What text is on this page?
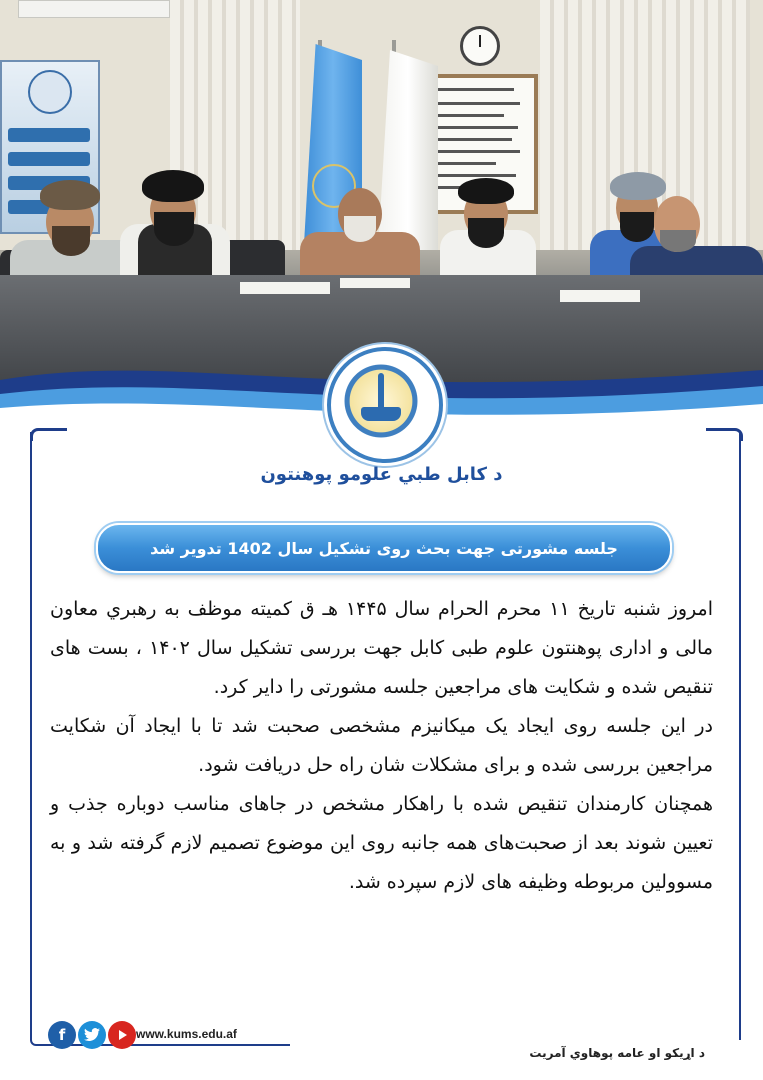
د کابل طبي علومو پوهنتون
جلسه مشورتی جهت بحث روی تشکیل سال 1402 تدویر شد

امروز شنبه تاریخ ۱۱ محرم الحرام سال ۱۴۴۵ هـ ق کمیته موظف به رهبري معاون مالی و اداری پوهنتون علوم طبی کابل جهت بررسی تشکیل سال ۱۴۰۲ ، بست های تنقیص شده و شکایت های مراجعین جلسه مشورتی را دایر کرد.

در این جلسه روی ایجاد یک میکانیزم مشخصی صحبت شد تا با ایجاد آن شکایت مراجعین بررسی شده و برای مشکلات شان راه حل دریافت شود.

همچنان کارمندان تنقیص شده با راهکار مشخص در جاهای مناسب دوباره جذب و تعیین شوند بعد از صحبت‌های همه جانبه روی این موضوع تصمیم لازم گرفته شد و به مسوولین مربوطه وظیفه های لازم سپرده شد.

f	www.kums.edu.af
د اړیکو او عامه پوهاوي آمریت
